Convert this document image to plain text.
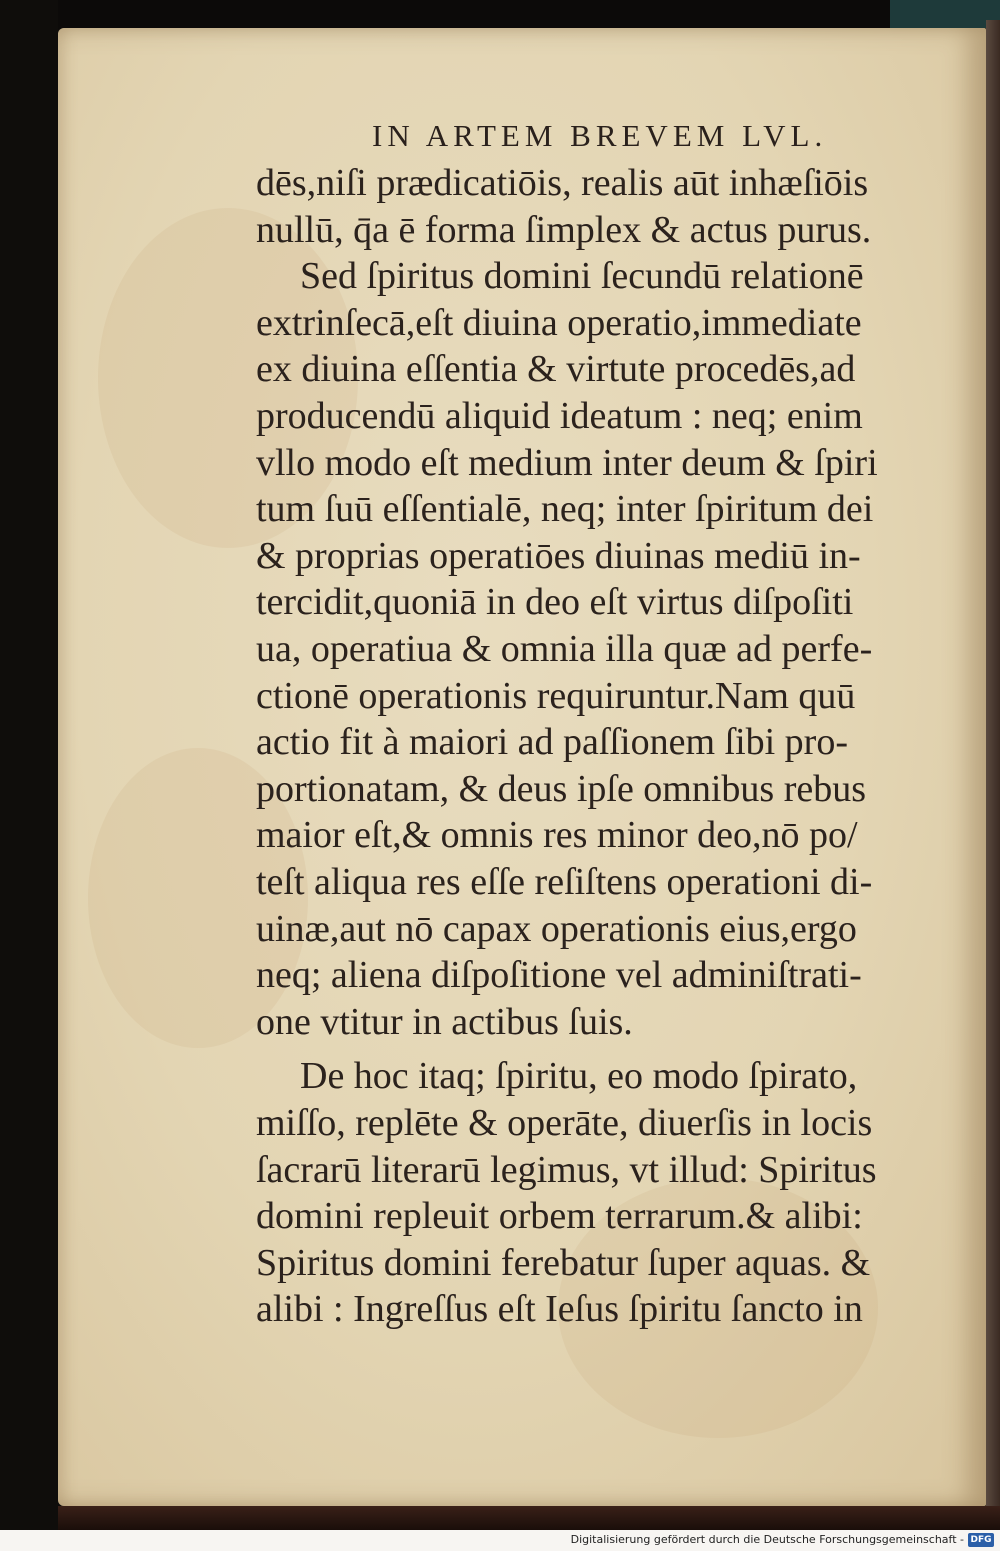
IN ARTEM BREVEM LVL.
dēs,niſi prædicatiōis, realis aūt inhæſiōis
nullū, q̄a ē forma ſimplex & actus purus.
Sed ſpiritus domini ſecundū relationē
extrinſecā,eſt diuina operatio,immediate
ex diuina eſſentia & virtute procedēs,ad
producendū aliquid ideatum : neq; enim
vllo modo eſt medium inter deum & ſpiri
tum ſuū eſſentialē, neq; inter ſpiritum dei
& proprias operatiōes diuinas mediū in-
tercidit,quoniā in deo eſt virtus diſpoſiti
ua, operatiua & omnia illa quæ ad perfe-
ctionē operationis requiruntur.Nam quū
actio fit à maiori ad paſſionem ſibi pro-
portionatam, & deus ipſe omnibus rebus
maior eſt,& omnis res minor deo,nō po/
teſt aliqua res eſſe reſiſtens operationi di-
uinæ,aut nō capax operationis eius,ergo
neq; aliena diſpoſitione vel adminiſtrati-
one vtitur in actibus ſuis.
De hoc itaq; ſpiritu, eo modo ſpirato,
miſſo, replēte & operāte, diuerſis in locis
ſacrarū literarū legimus, vt illud: Spiritus
domini repleuit orbem terrarum.& alibi:
Spiritus domini ferebatur ſuper aquas. &
alibi : Ingreſſus eſt Ieſus ſpiritu ſancto in
Digitalisierung gefördert durch die Deutsche Forschungsgemeinschaft - DFG
